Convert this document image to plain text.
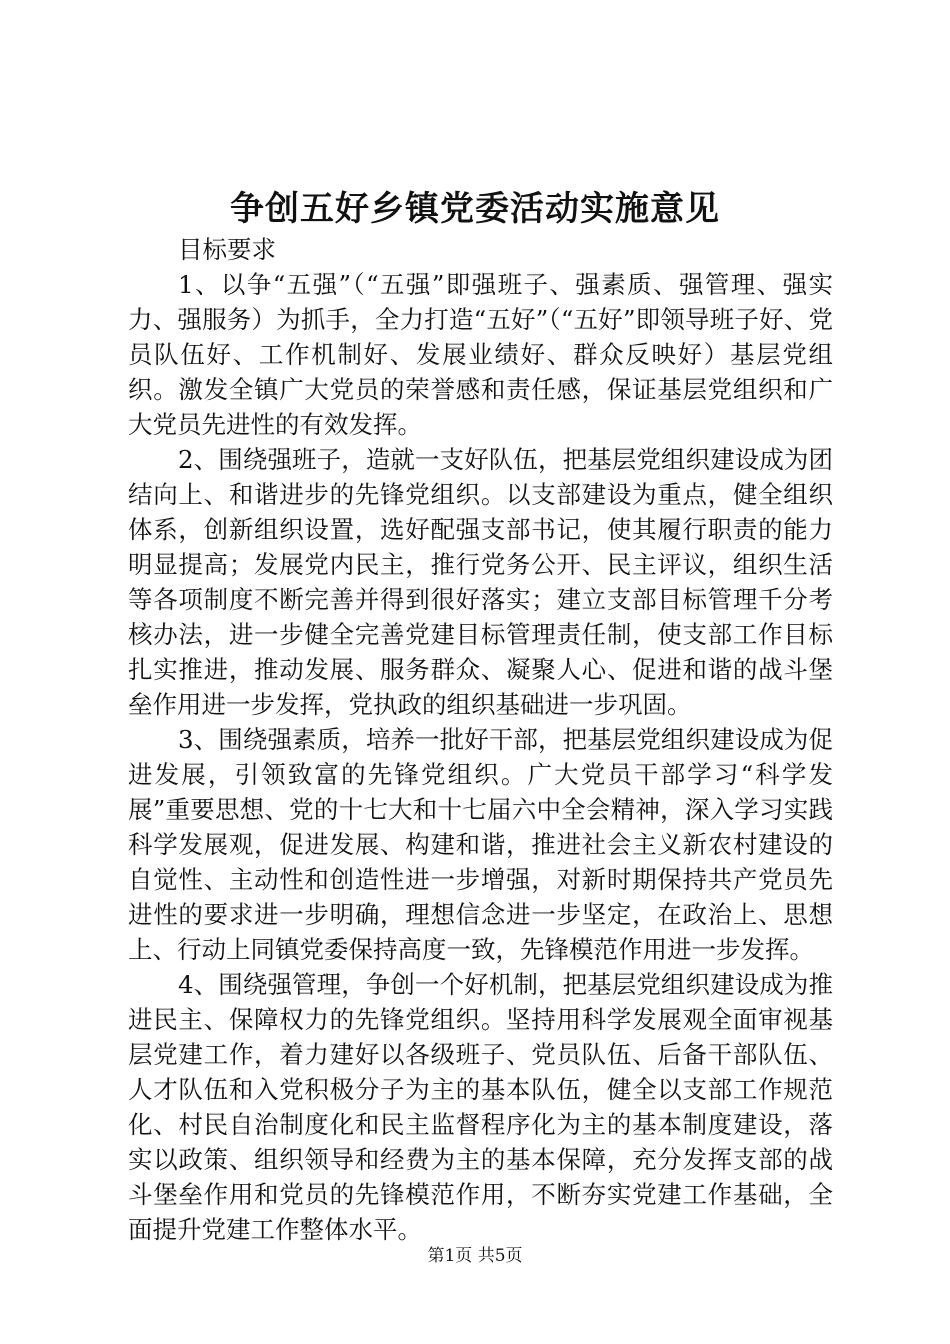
争创五好乡镇党委活动实施意见

目标要求

1、以争“五强”（“五强”即强班子、强素质、强管理、强实力、强服务）为抓手，全力打造“五好”（“五好”即领导班子好、党员队伍好、工作机制好、发展业绩好、群众反映好）基层党组织。激发全镇广大党员的荣誉感和责任感，保证基层党组织和广大党员先进性的有效发挥。

2、围绕强班子，造就一支好队伍，把基层党组织建设成为团结向上、和谐进步的先锋党组织。以支部建设为重点，健全组织体系，创新组织设置，选好配强支部书记，使其履行职责的能力明显提高；发展党内民主，推行党务公开、民主评议，组织生活等各项制度不断完善并得到很好落实；建立支部目标管理千分考核办法，进一步健全完善党建目标管理责任制，使支部工作目标扎实推进，推动发展、服务群众、凝聚人心、促进和谐的战斗堡垒作用进一步发挥，党执政的组织基础进一步巩固。

3、围绕强素质，培养一批好干部，把基层党组织建设成为促进发展，引领致富的先锋党组织。广大党员干部学习“科学发展”重要思想、党的十七大和十七届六中全会精神，深入学习实践科学发展观，促进发展、构建和谐，推进社会主义新农村建设的自觉性、主动性和创造性进一步增强，对新时期保持共产党员先进性的要求进一步明确，理想信念进一步坚定，在政治上、思想上、行动上同镇党委保持高度一致，先锋模范作用进一步发挥。

4、围绕强管理，争创一个好机制，把基层党组织建设成为推进民主、保障权力的先锋党组织。坚持用科学发展观全面审视基层党建工作，着力建好以各级班子、党员队伍、后备干部队伍、人才队伍和入党积极分子为主的基本队伍，健全以支部工作规范化、村民自治制度化和民主监督程序化为主的基本制度建设，落实以政策、组织领导和经费为主的基本保障，充分发挥支部的战斗堡垒作用和党员的先锋模范作用，不断夯实党建工作基础，全面提升党建工作整体水平。

第1页 共5页
